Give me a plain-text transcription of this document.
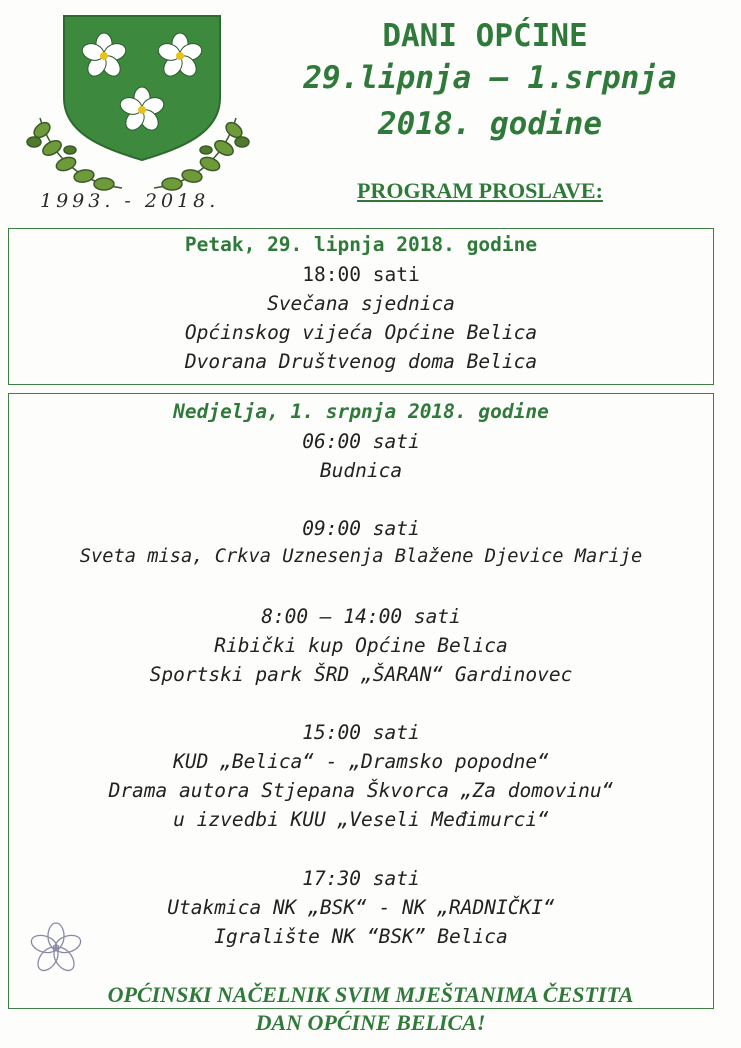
1993. - 2018.
DANI OPĆINE
29.lipnja – 1.srpnja
2018. godine
PROGRAM PROSLAVE:
Petak, 29. lipnja 2018. godine
18:00 sati
Svečana sjednica
Općinskog vijeća Općine Belica
Dvorana Društvenog doma Belica
Nedjelja, 1. srpnja 2018. godine
06:00 sati
Budnica
09:00 sati
Sveta misa, Crkva Uznesenja Blažene Djevice Marije
8:00 – 14:00 sati
Ribički kup Općine Belica
Sportski park ŠRD „ŠARAN“ Gardinovec
15:00 sati
KUD „Belica“ - „Dramsko popodne“
Drama autora Stjepana Škvorca „Za domovinu“
u izvedbi KUU „Veseli Međimurci“
17:30 sati
Utakmica NK „BSK“ - NK „RADNIČKI“
Igralište NK “BSK” Belica
OPĆINSKI NAČELNIK SVIM MJEŠTANIMA ČESTITA
DAN OPĆINE BELICA!
